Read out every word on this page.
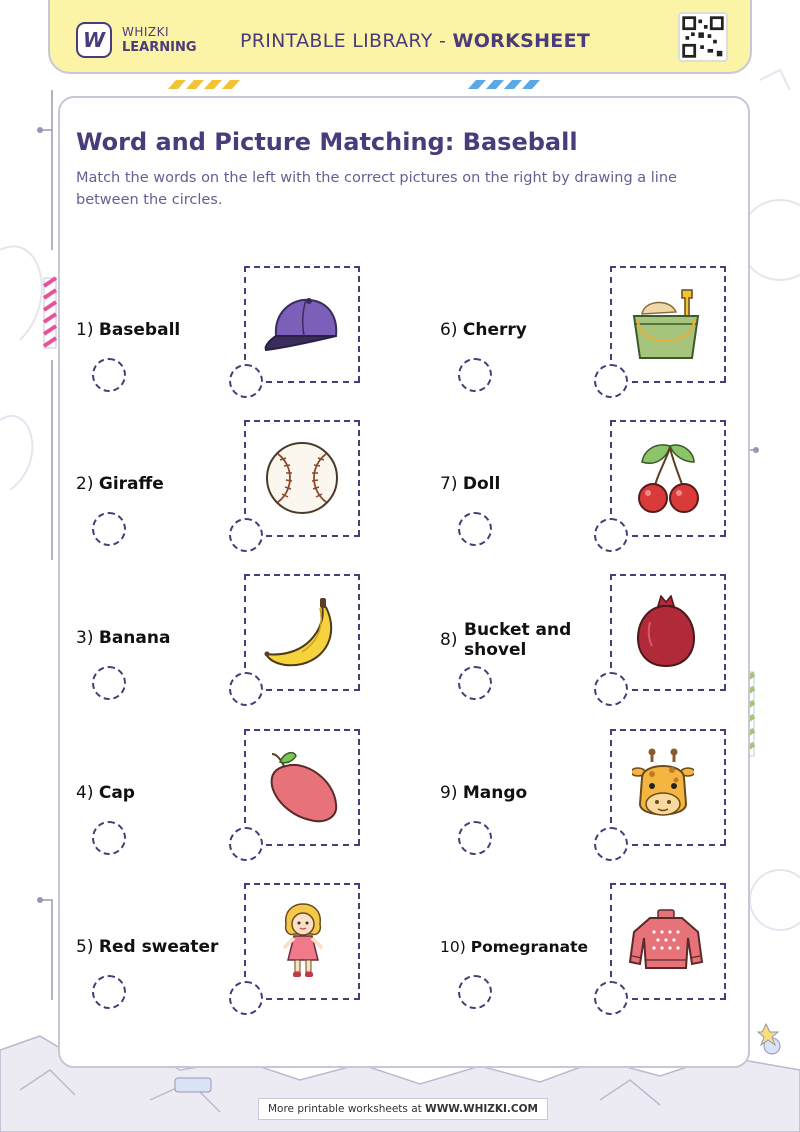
W WHIZKI
LEARNING PRINTABLE LIBRARY - WORKSHEET
Word and Picture Matching: Baseball

Match the words on the left with the correct pictures on the right by drawing a line between the circles.

1) Baseball
2) Giraffe
3) Banana
4) Cap
5) Red sweater
6) Cherry
7) Doll
8) Bucket and
shovel
9) Mango
10) Pomegranate
More printable worksheets at WWW.WHIZKI.COM
